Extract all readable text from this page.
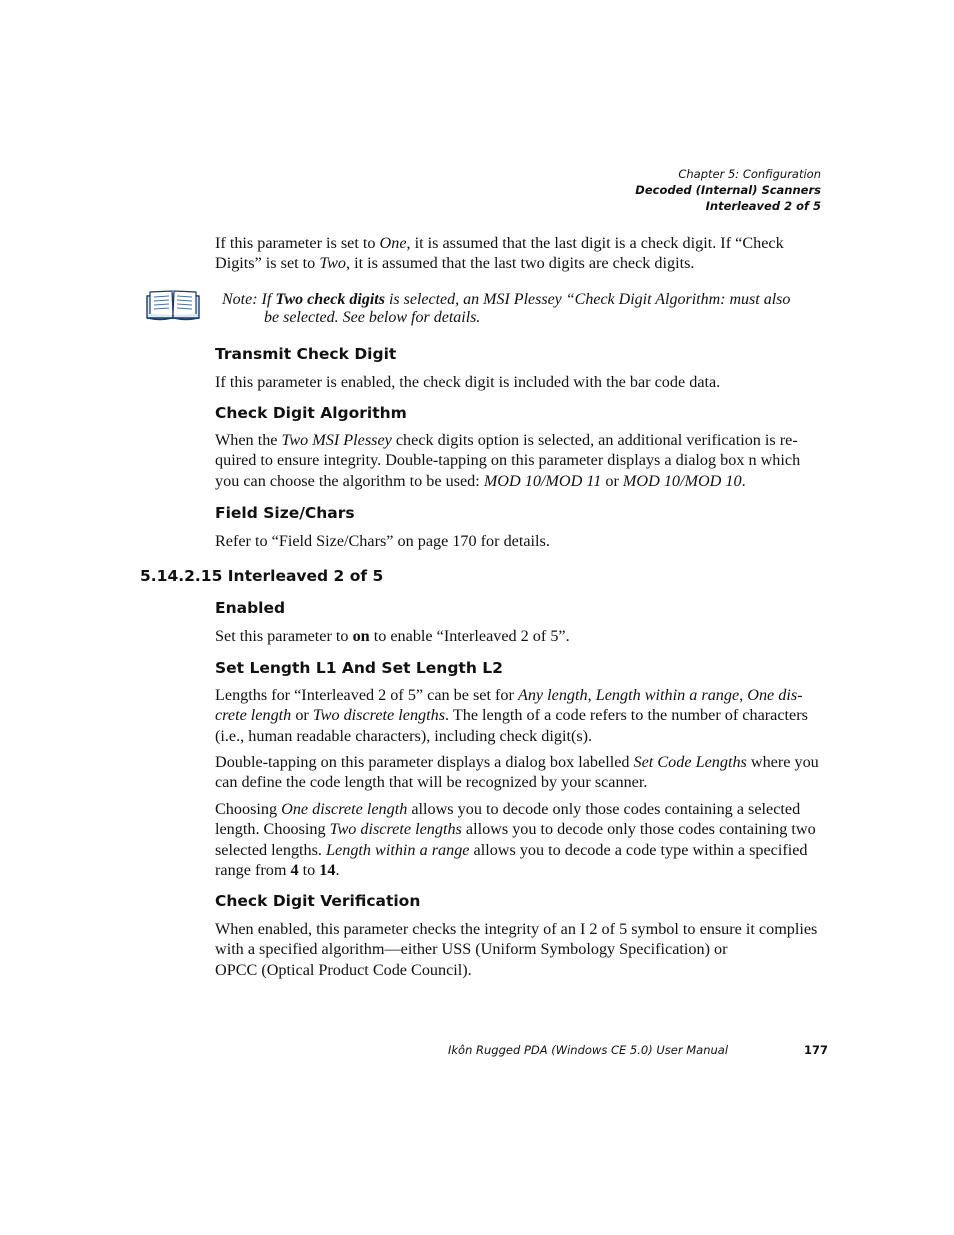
Chapter 5: Configuration
Decoded (Internal) Scanners
Interleaved 2 of 5

If this parameter is set to One, it is assumed that the last digit is a check digit. If “Check Digits” is set to Two, it is assumed that the last two digits are check digits.

Note: If Two check digits is selected, an MSI Plessey “Check Digit Algorithm: must also
be selected. See below for details.
Transmit Check Digit

If this parameter is enabled, the check digit is included with the bar code data.

Check Digit Algorithm

When the Two MSI Plessey check digits option is selected, an additional verification is re-quired to ensure integrity. Double-tapping on this parameter displays a dialog box n which you can choose the algorithm to be used: MOD 10/MOD 11 or MOD 10/MOD 10.

Field Size/Chars

Refer to “Field Size/Chars” on page 170 for details.

5.14.2.15 Interleaved 2 of 5
Enabled

Set this parameter to on to enable “Interleaved 2 of 5”.

Set Length L1 And Set Length L2

Lengths for “Interleaved 2 of 5” can be set for Any length, Length within a range, One dis-crete length or Two discrete lengths. The length of a code refers to the number of characters (i.e., human readable characters), including check digit(s).

Double-tapping on this parameter displays a dialog box labelled Set Code Lengths where you can define the code length that will be recognized by your scanner.

Choosing One discrete length allows you to decode only those codes containing a selected length. Choosing Two discrete lengths allows you to decode only those codes containing two selected lengths. Length within a range allows you to decode a code type within a specified range from 4 to 14.

Check Digit Verification

When enabled, this parameter checks the integrity of an I 2 of 5 symbol to ensure it complies

with a specified algorithm—either USS (Uniform Symbology Specification) or

OPCC (Optical Product Code Council).

Ikôn Rugged PDA (Windows CE 5.0) User Manual	177
